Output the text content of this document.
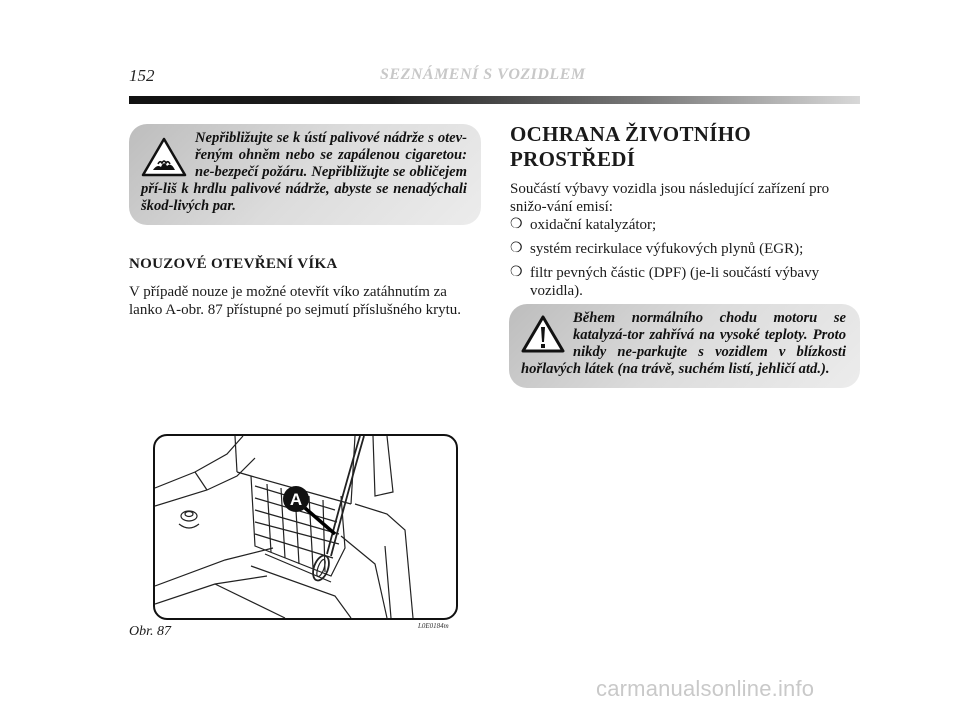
152	SEZNÁMENÍ S VOZIDLEM
Nepřibližujte se k ústí palivové nádrže s otev-řeným ohněm nebo se zapálenou cigaretou: ne-bezpečí požáru. Nepřibližujte se obličejem pří-liš k hrdlu palivové nádrže, abyste se nenadýchali škod-livých par.
NOUZOVÉ OTEVŘENÍ VÍKA
V případě nouze je možné otevřít víko zatáhnutím za lanko A-obr. 87 přístupné po sejmutí příslušného krytu.
A
Obr. 87	L0E0184m
OCHRANA ŽIVOTNÍHO PROSTŘEDÍ
Součástí výbavy vozidla jsou následující zařízení pro snižo-vání emisí:
❍ oxidační katalyzátor;
❍ systém recirkulace výfukových plynů (EGR);
❍ filtr pevných částic (DPF) (je-li součástí výbavy vozidla).
Během normálního chodu motoru se katalyzá-tor zahřívá na vysoké teploty. Proto nikdy ne-parkujte s vozidlem v blízkosti hořlavých látek (na trávě, suchém listí, jehličí atd.).
carmanualsonline.info
